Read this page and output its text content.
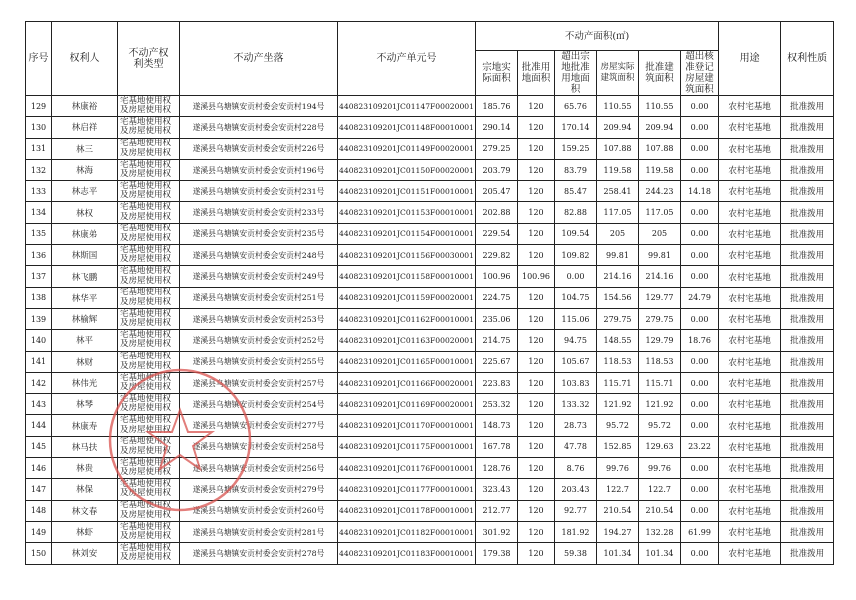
序号	权利人	不动产权利类型	不动产坐落	不动产单元号	不动产面积(㎡)						用途	权利性质
					宗地实际面积	批准用地面积	超出宗地批准用地面积	房屋实际建筑面积	批准建筑面积	超出核准登记房屋建筑面积		
129	林康裕	宅基地使用权及房屋使用权	遂溪县乌塘镇安贡村委会安贡村194号	440823109201JC01147F00020001	185.76	120	65.76	110.55	110.55	0.00	农村宅基地	批准拨用
130	林启祥	宅基地使用权及房屋使用权	遂溪县乌塘镇安贡村委会安贡村228号	440823109201JC01148F00010001	290.14	120	170.14	209.94	209.94	0.00	农村宅基地	批准拨用
131	林三	宅基地使用权及房屋使用权	遂溪县乌塘镇安贡村委会安贡村226号	440823109201JC01149F00020001	279.25	120	159.25	107.88	107.88	0.00	农村宅基地	批准拨用
132	林海	宅基地使用权及房屋使用权	遂溪县乌塘镇安贡村委会安贡村196号	440823109201JC01150F00020001	203.79	120	83.79	119.58	119.58	0.00	农村宅基地	批准拨用
133	林志平	宅基地使用权及房屋使用权	遂溪县乌塘镇安贡村委会安贡村231号	440823109201JC01151F00010001	205.47	120	85.47	258.41	244.23	14.18	农村宅基地	批准拨用
134	林权	宅基地使用权及房屋使用权	遂溪县乌塘镇安贡村委会安贡村233号	440823109201JC01153F00010001	202.88	120	82.88	117.05	117.05	0.00	农村宅基地	批准拨用
135	林康弟	宅基地使用权及房屋使用权	遂溪县乌塘镇安贡村委会安贡村235号	440823109201JC01154F00010001	229.54	120	109.54	205	205	0.00	农村宅基地	批准拨用
136	林斯国	宅基地使用权及房屋使用权	遂溪县乌塘镇安贡村委会安贡村248号	440823109201JC01156F00030001	229.82	120	109.82	99.81	99.81	0.00	农村宅基地	批准拨用
137	林飞鹏	宅基地使用权及房屋使用权	遂溪县乌塘镇安贡村委会安贡村249号	440823109201JC01158F00010001	100.96	100.96	0.00	214.16	214.16	0.00	农村宅基地	批准拨用
138	林华平	宅基地使用权及房屋使用权	遂溪县乌塘镇安贡村委会安贡村251号	440823109201JC01159F00020001	224.75	120	104.75	154.56	129.77	24.79	农村宅基地	批准拨用
139	林榆辉	宅基地使用权及房屋使用权	遂溪县乌塘镇安贡村委会安贡村253号	440823109201JC01162F00010001	235.06	120	115.06	279.75	279.75	0.00	农村宅基地	批准拨用
140	林平	宅基地使用权及房屋使用权	遂溪县乌塘镇安贡村委会安贡村252号	440823109201JC01163F00020001	214.75	120	94.75	148.55	129.79	18.76	农村宅基地	批准拨用
141	林财	宅基地使用权及房屋使用权	遂溪县乌塘镇安贡村委会安贡村255号	440823109201JC01165F00010001	225.67	120	105.67	118.53	118.53	0.00	农村宅基地	批准拨用
142	林伟光	宅基地使用权及房屋使用权	遂溪县乌塘镇安贡村委会安贡村257号	440823109201JC01166F00020001	223.83	120	103.83	115.71	115.71	0.00	农村宅基地	批准拨用
143	林琴	宅基地使用权及房屋使用权	遂溪县乌塘镇安贡村委会安贡村254号	440823109201JC01169F00020001	253.32	120	133.32	121.92	121.92	0.00	农村宅基地	批准拨用
144	林康寿	宅基地使用权及房屋使用权	遂溪县乌塘镇安贡村委会安贡村277号	440823109201JC01170F00010001	148.73	120	28.73	95.72	95.72	0.00	农村宅基地	批准拨用
145	林马扶	宅基地使用权及房屋使用权	遂溪县乌塘镇安贡村委会安贡村258号	440823109201JC01175F00010001	167.78	120	47.78	152.85	129.63	23.22	农村宅基地	批准拨用
146	林贵	宅基地使用权及房屋使用权	遂溪县乌塘镇安贡村委会安贡村256号	440823109201JC01176F00010001	128.76	120	8.76	99.76	99.76	0.00	农村宅基地	批准拨用
147	林保	宅基地使用权及房屋使用权	遂溪县乌塘镇安贡村委会安贡村279号	440823109201JC01177F00010001	323.43	120	203.43	122.7	122.7	0.00	农村宅基地	批准拨用
148	林文春	宅基地使用权及房屋使用权	遂溪县乌塘镇安贡村委会安贡村260号	440823109201JC01178F00010001	212.77	120	92.77	210.54	210.54	0.00	农村宅基地	批准拨用
149	林虾	宅基地使用权及房屋使用权	遂溪县乌塘镇安贡村委会安贡村281号	440823109201JC01182F00010001	301.92	120	181.92	194.27	132.28	61.99	农村宅基地	批准拨用
150	林刘安	宅基地使用权及房屋使用权	遂溪县乌塘镇安贡村委会安贡村278号	440823109201JC01183F00010001	179.38	120	59.38	101.34	101.34	0.00	农村宅基地	批准拨用
